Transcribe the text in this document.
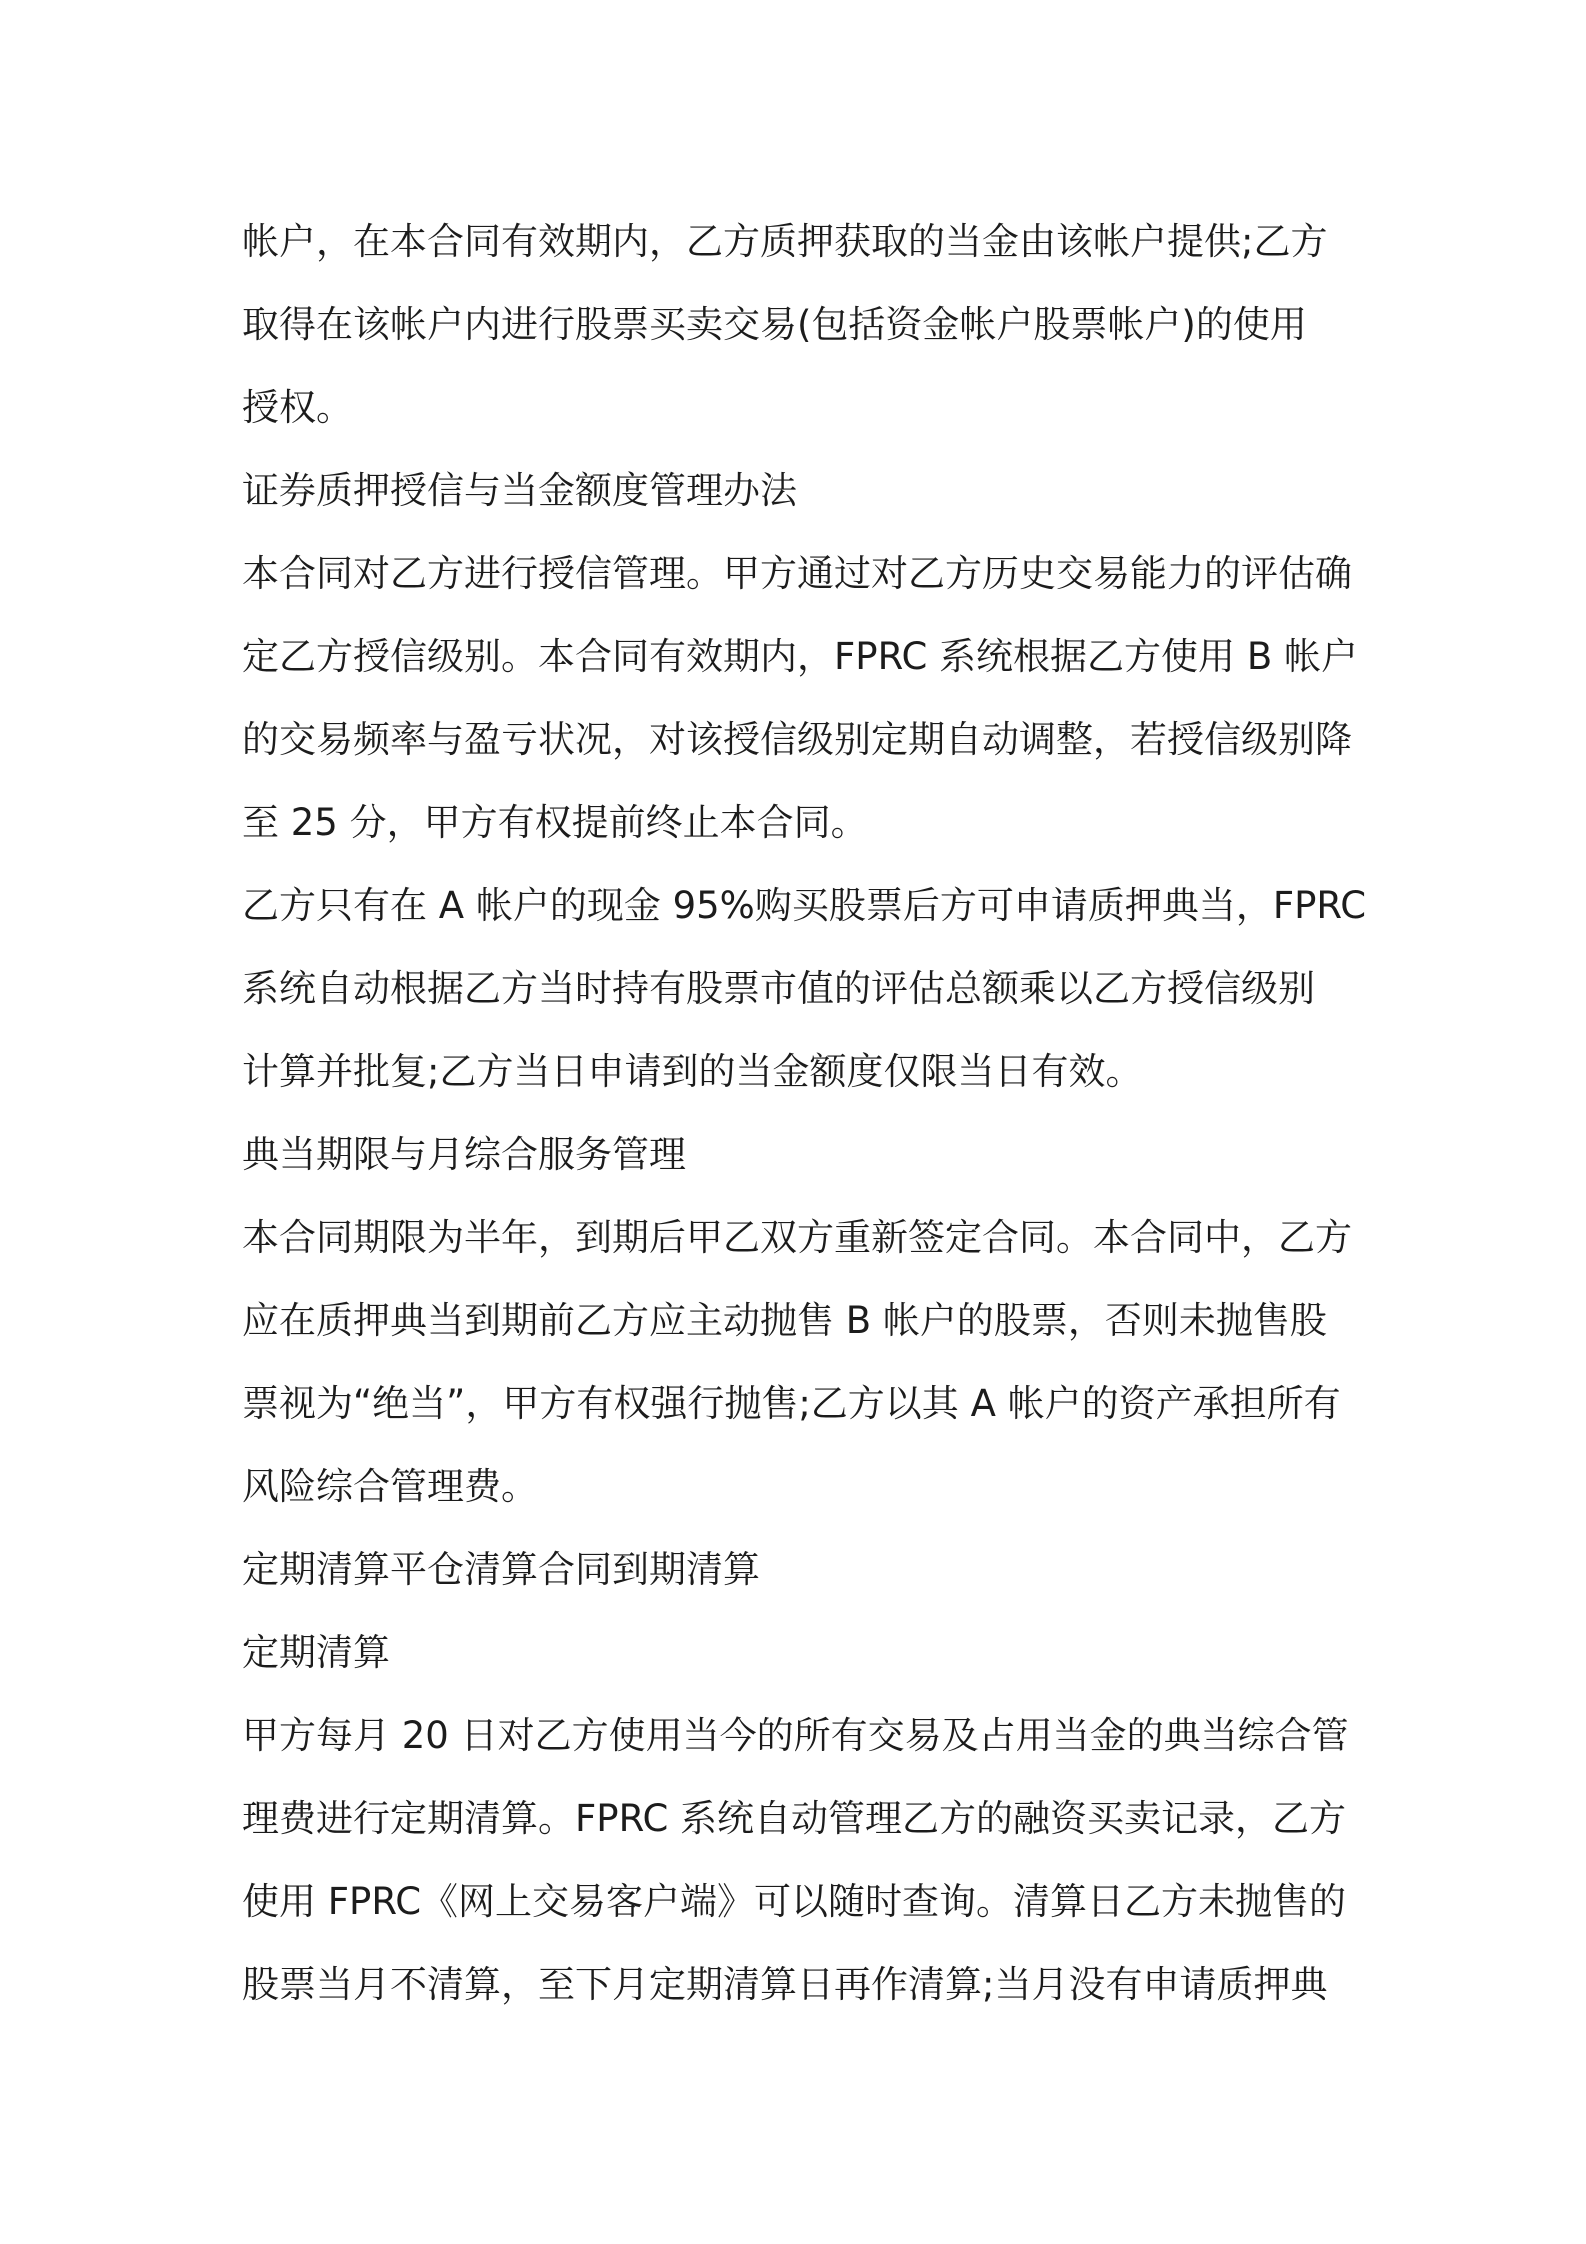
帐户，在本合同有效期内，乙方质押获取的当金由该帐户提供;乙方
取得在该帐户内进行股票买卖交易(包括资金帐户股票帐户)的使用
授权。
证券质押授信与当金额度管理办法
本合同对乙方进行授信管理。甲方通过对乙方历史交易能力的评估确
定乙方授信级别。本合同有效期内，FPRC 系统根据乙方使用 B 帐户
的交易频率与盈亏状况，对该授信级别定期自动调整，若授信级别降
至 25 分，甲方有权提前终止本合同。
乙方只有在 A 帐户的现金 95%购买股票后方可申请质押典当，FPRC
系统自动根据乙方当时持有股票市值的评估总额乘以乙方授信级别
计算并批复;乙方当日申请到的当金额度仅限当日有效。
典当期限与月综合服务管理
本合同期限为半年，到期后甲乙双方重新签定合同。本合同中，乙方
应在质押典当到期前乙方应主动抛售 B 帐户的股票，否则未抛售股
票视为“绝当”，甲方有权强行抛售;乙方以其 A 帐户的资产承担所有
风险综合管理费。
定期清算平仓清算合同到期清算
定期清算
甲方每月 20 日对乙方使用当今的所有交易及占用当金的典当综合管
理费进行定期清算。FPRC 系统自动管理乙方的融资买卖记录，乙方
使用 FPRC《网上交易客户端》可以随时查询。清算日乙方未抛售的
股票当月不清算，至下月定期清算日再作清算;当月没有申请质押典
